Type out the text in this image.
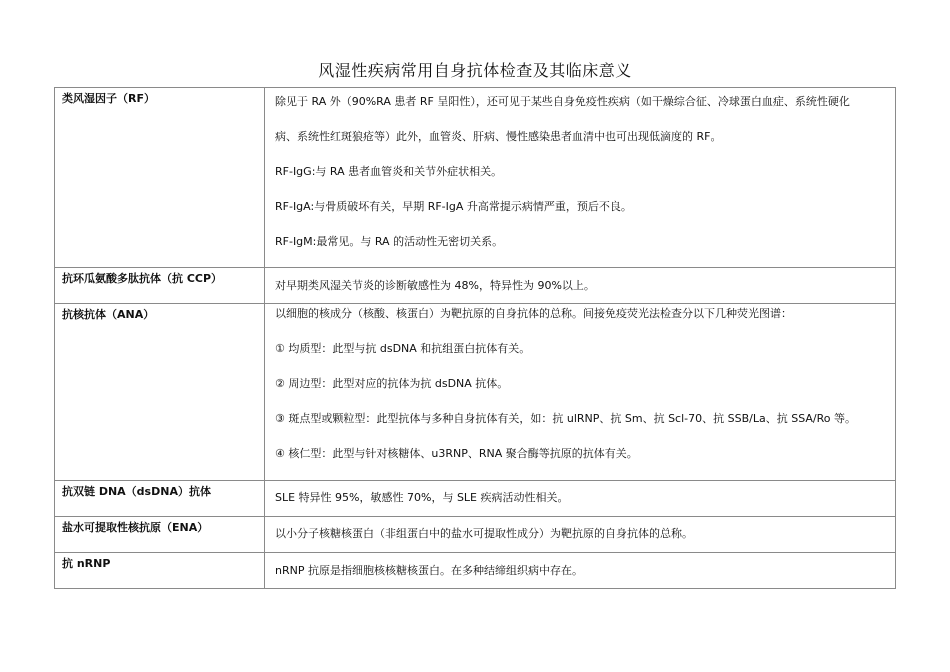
风湿性疾病常用自身抗体检查及其临床意义
类风湿因子（RF）	除见于 RA 外（90%RA 患者 RF 呈阳性），还可见于某些自身免疫性疾病（如干燥综合征、冷球蛋白血症、系统性硬化
病、系统性红斑狼疮等）此外，血管炎、肝病、慢性感染患者血清中也可出现低滴度的 RF。
RF-IgG:与 RA 患者血管炎和关节外症状相关。
RF-IgA:与骨质破坏有关，早期 RF-IgA 升高常提示病情严重，预后不良。
RF-IgM:最常见。与 RA 的活动性无密切关系。

抗环瓜氨酸多肽抗体（抗 CCP）	对早期类风湿关节炎的诊断敏感性为 48%，特异性为 90%以上。

抗核抗体（ANA）	以细胞的核成分（核酸、核蛋白）为靶抗原的自身抗体的总称。间接免疫荧光法检查分以下几种荧光图谱：
① 均质型：此型与抗 dsDNA 和抗组蛋白抗体有关。
② 周边型：此型对应的抗体为抗 dsDNA 抗体。
③ 斑点型或颗粒型：此型抗体与多种自身抗体有关，如：抗 ulRNP、抗 Sm、抗 Scl-70、抗 SSB/La、抗 SSA/Ro 等。
④ 核仁型：此型与针对核糖体、u3RNP、RNA 聚合酶等抗原的抗体有关。

抗双链 DNA（dsDNA）抗体	SLE 特异性 95%，敏感性 70%，与 SLE 疾病活动性相关。

盐水可提取性核抗原（ENA）	以小分子核糖核蛋白（非组蛋白中的盐水可提取性成分）为靶抗原的自身抗体的总称。

抗 nRNP	nRNP 抗原是指细胞核核糖核蛋白。在多种结缔组织病中存在。
